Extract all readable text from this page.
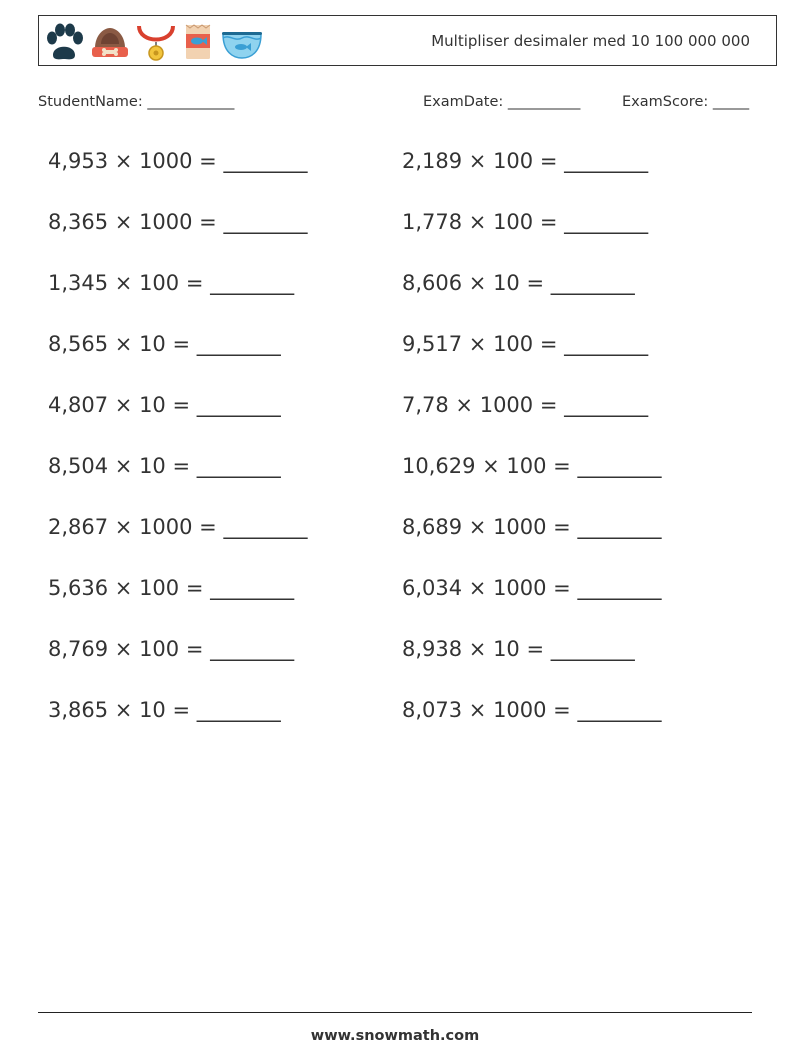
Multipliser desimaler med 10 100 000 000
StudentName: ____________	ExamDate: __________	ExamScore: _____
4,953 × 1000 = ________
8,365 × 1000 = ________
1,345 × 100 = ________
8,565 × 10 = ________
4,807 × 10 = ________
8,504 × 10 = ________
2,867 × 1000 = ________
5,636 × 100 = ________
8,769 × 100 = ________
3,865 × 10 = ________
2,189 × 100 = ________
1,778 × 100 = ________
8,606 × 10 = ________
9,517 × 100 = ________
7,78 × 1000 = ________
10,629 × 100 = ________
8,689 × 1000 = ________
6,034 × 1000 = ________
8,938 × 10 = ________
8,073 × 1000 = ________
www.snowmath.com
